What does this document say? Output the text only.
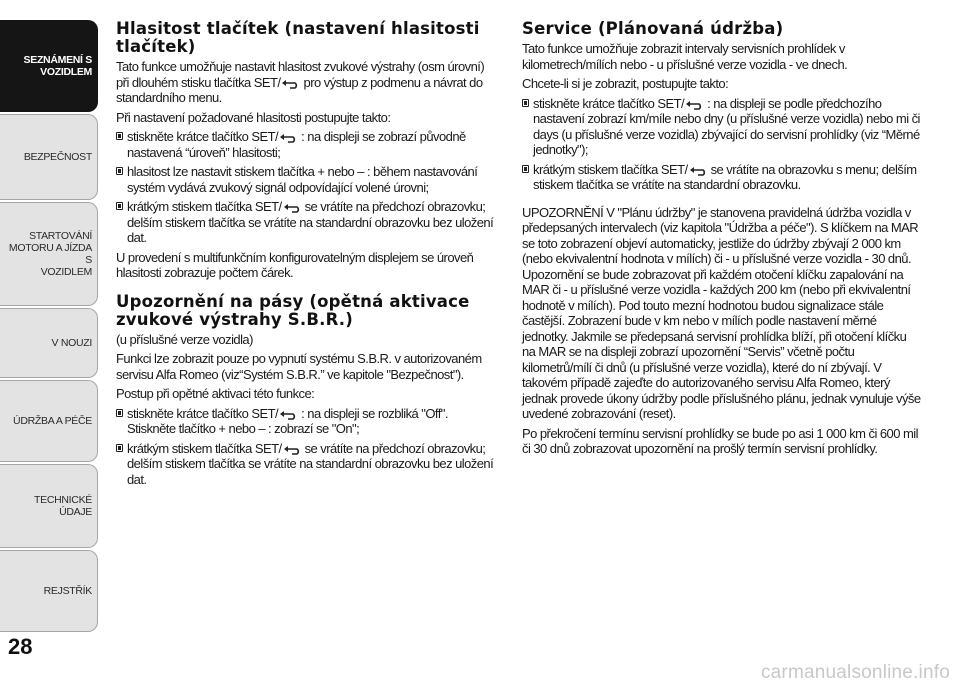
SEZNÁMENÍ S
VOZIDLEM
BEZPEČNOST
STARTOVÁNÍ
MOTORU A JÍZDA S
VOZIDLEM
V NOUZI
ÚDRŽBA A PÉČE
TECHNICKÉ ÚDAJE
REJSTŘÍK
28
Hlasitost tlačítek (nastavení hlasitosti tlačítek)

Tato funkce umožňuje nastavit hlasitost zvukové výstrahy (osm úrovní) při dlouhém stisku tlačítka SET/ pro výstup z podmenu a návrat do standardního menu.

Při nastavení požadované hlasitosti postupujte takto:

stiskněte krátce tlačítko SET/ : na displeji se zobrazí původně nastavená “úroveň” hlasitosti;

hlasitost lze nastavit stiskem tlačítka + nebo – : během nastavování systém vydává zvukový signál odpovídající volené úrovni;

krátkým stiskem tlačítka SET/ se vrátíte na předchozí obrazovku; delším stiskem tlačítka se vrátíte na standardní obrazovku bez uložení dat.

U provedení s multifunkčním konfigurovatelným displejem se úroveň hlasitosti zobrazuje počtem čárek.

Upozornění na pásy (opětná aktivace zvukové výstrahy S.B.R.)

(u příslušné verze vozidla)

Funkci lze zobrazit pouze po vypnutí systému S.B.R. v autorizovaném servisu Alfa Romeo (viz“Systém S.B.R.” ve kapitole "Bezpečnost").

Postup při opětné aktivaci této funkce:

stiskněte krátce tlačítko SET/ : na displeji se rozbliká "Off". Stiskněte tlačítko + nebo – : zobrazí se "On";

krátkým stiskem tlačítka SET/ se vrátíte na předchozí obrazovku; delším stiskem tlačítka se vrátíte na standardní obrazovku bez uložení dat.

Service (Plánovaná údržba)

Tato funkce umožňuje zobrazit intervaly servisních prohlídek v kilometrech/mílích nebo - u příslušné verze vozidla - ve dnech.

Chcete-li si je zobrazit, postupujte takto:

stiskněte krátce tlačítko SET/ : na displeji se podle předchozího nastavení zobrazí km/míle nebo dny (u příslušné verze vozidla) nebo mi či days (u příslušné verze vozidla) zbývající do servisní prohlídky (viz “Měrné jednotky");

krátkým stiskem tlačítka SET/ se vrátíte na obrazovku s menu; delším stiskem tlačítka se vrátíte na standardní obrazovku.

UPOZORNĚNÍ V "Plánu údržby" je stanovena pravidelná údržba vozidla v předepsaných intervalech (viz kapitola "Údržba a péče"). S klíčkem na MAR se toto zobrazení objeví automaticky, jestliže do údržby zbývají 2 000 km (nebo ekvivalentní hodnota v mílích) či - u příslušné verze vozidla - 30 dnů. Upozornění se bude zobrazovat při každém otočení klíčku zapalování na MAR či - u příslušné verze vozidla - každých 200 km (nebo při ekvivalentní hodnotě v mílích). Pod touto mezní hodnotou budou signalizace stále častější. Zobrazení bude v km nebo v mílích podle nastavení měrné jednotky. Jakmile se předepsaná servisní prohlídka blíží, při otočení klíčku na MAR se na displeji zobrazí upozornění “Servis” včetně počtu kilometrů/mílí či dnů (u příslušné verze vozidla), které do ní zbývají. V takovém případě zajeďte do autorizovaného servisu Alfa Romeo, který jednak provede úkony údržby podle příslušného plánu, jednak vynuluje výše uvedené zobrazování (reset).

Po překročení termínu servisní prohlídky se bude po asi 1 000 km či 600 mil či 30 dnů zobrazovat upozornění na prošlý termín servisní prohlídky.

carmanualsonline.info
